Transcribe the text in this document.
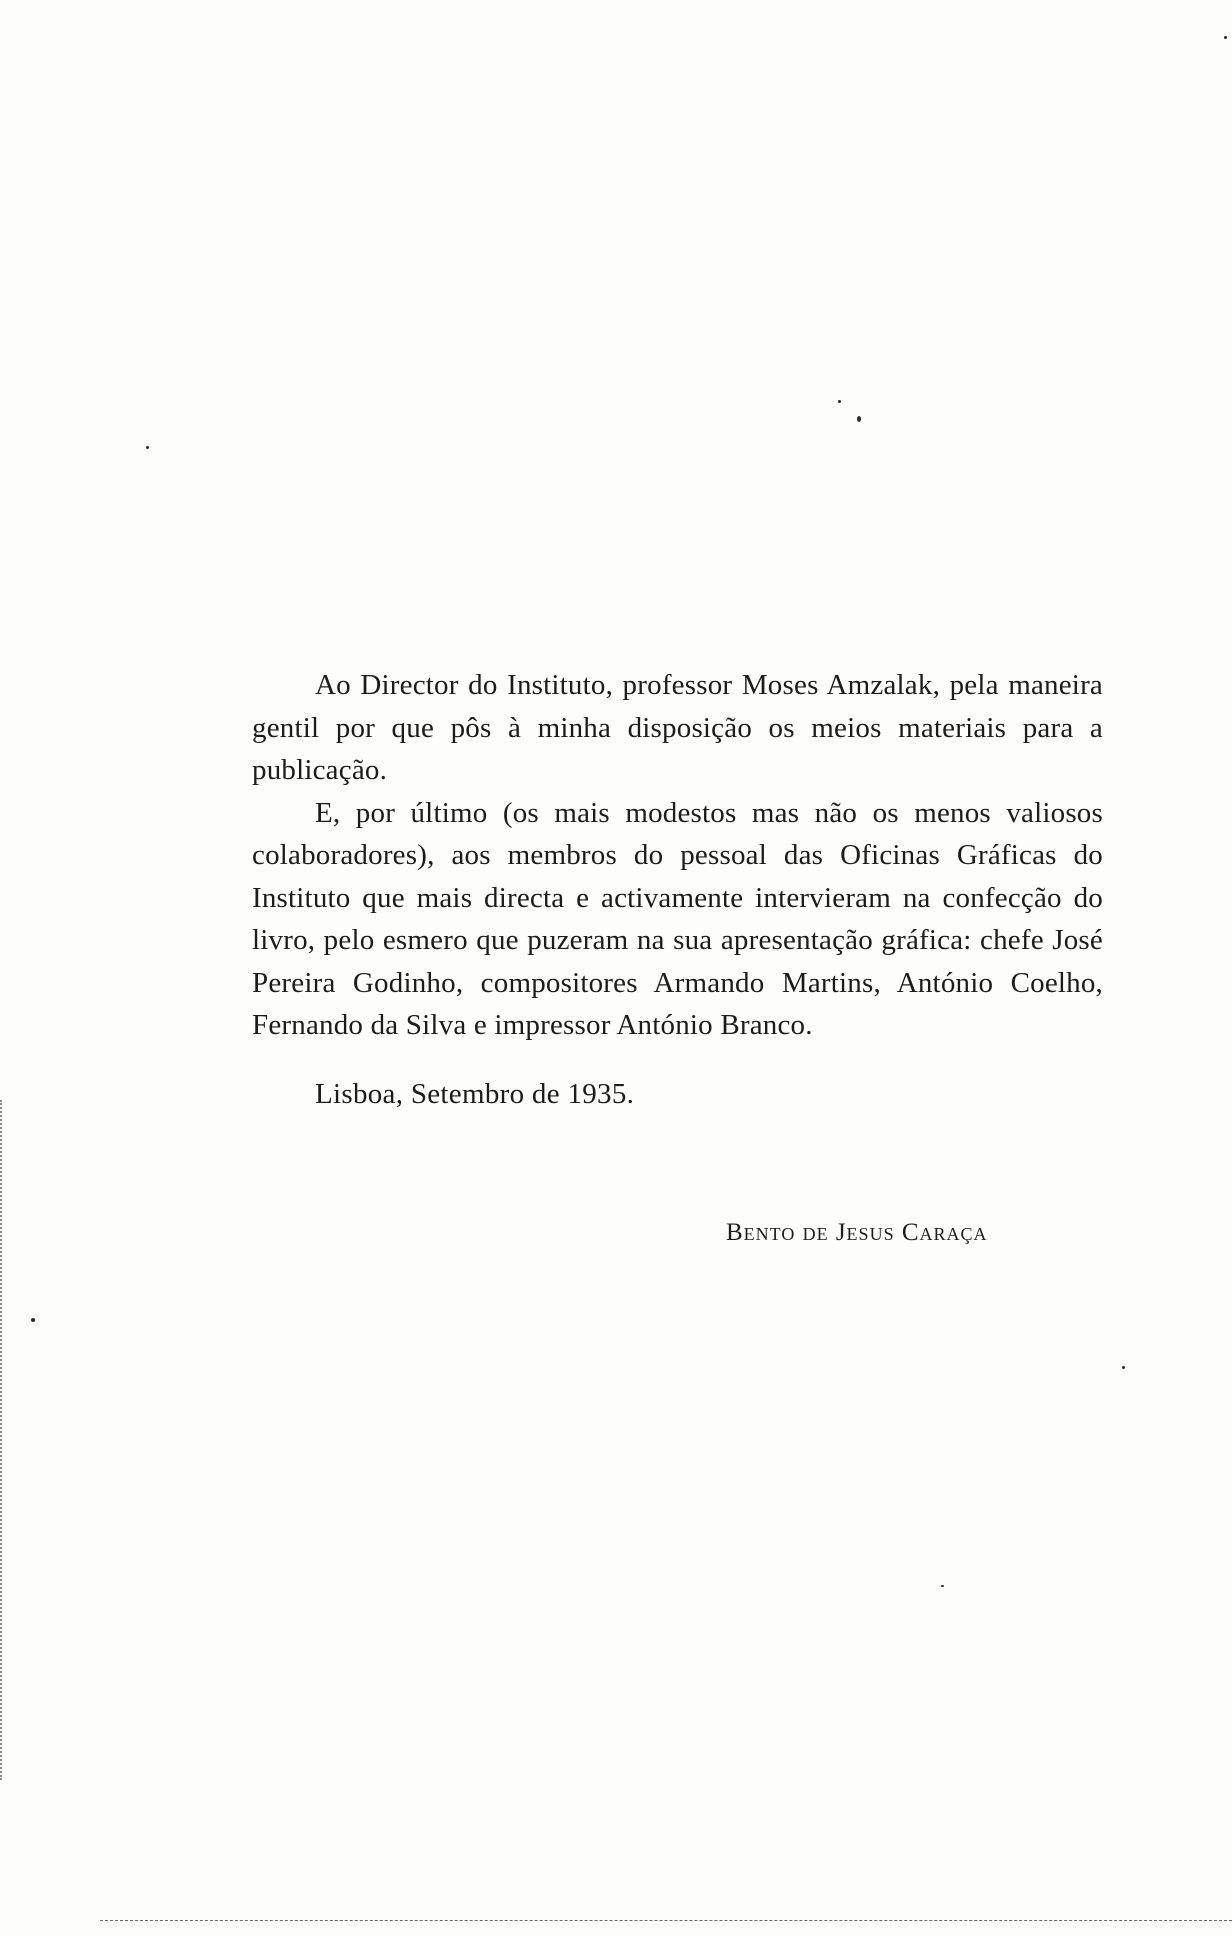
Ao Director do Instituto, professor Moses Amzalak, pela maneira gentil por que pôs à minha disposição os meios materiais para a publicação.

E, por último (os mais modestos mas não os menos valiosos colaboradores), aos membros do pessoal das Oficinas Gráficas do Instituto que mais directa e activamente intervieram na confecção do livro, pelo esmero que puzeram na sua apresentação gráfica: chefe José Pereira Godinho, compositores Armando Martins, António Coelho, Fernando da Silva e impressor António Branco.

Lisboa, Setembro de 1935.
Bento de Jesus Caraça
